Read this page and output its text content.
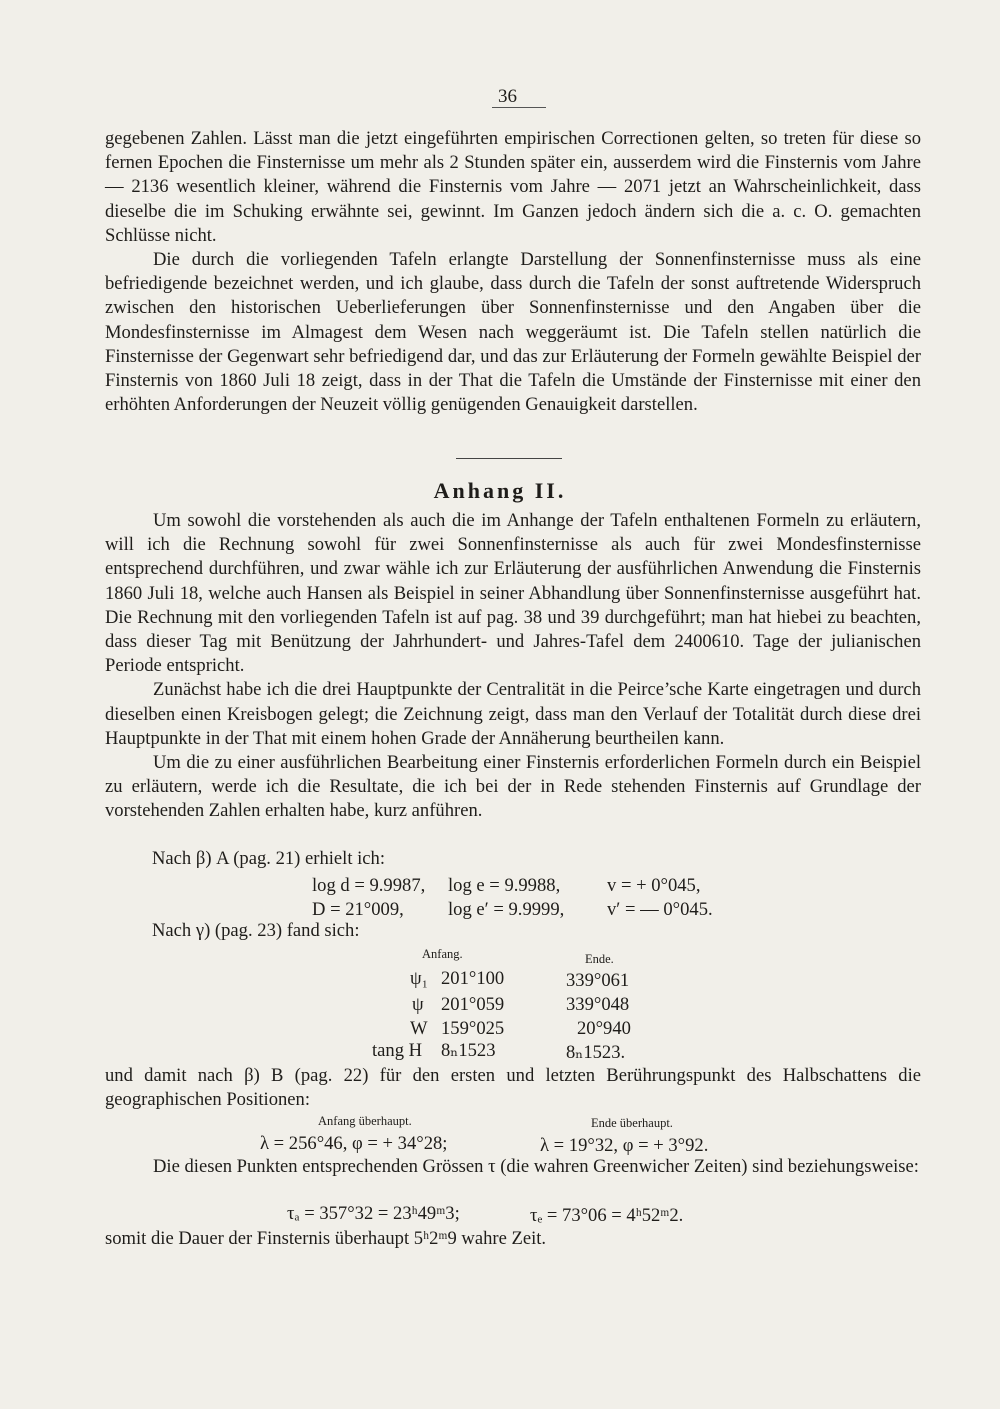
36

gegebenen Zahlen. Lässt man die jetzt eingeführten empirischen Correctionen gelten, so treten für diese so fernen Epochen die Finsternisse um mehr als 2 Stunden später ein, ausserdem wird die Finsternis vom Jahre — 2136 wesentlich kleiner, während die Finsternis vom Jahre — 2071 jetzt an Wahrscheinlichkeit, dass dieselbe die im Schuking erwähnte sei, gewinnt. Im Ganzen jedoch ändern sich die a. c. O. gemachten Schlüsse nicht.

Die durch die vorliegenden Tafeln erlangte Darstellung der Sonnenfinsternisse muss als eine befriedigende bezeichnet werden, und ich glaube, dass durch die Tafeln der sonst auftretende Widerspruch zwischen den historischen Ueberlieferungen über Sonnenfinsternisse und den Angaben über die Mondesfinsternisse im Almagest dem Wesen nach weggeräumt ist. Die Tafeln stellen natürlich die Finsternisse der Gegenwart sehr befriedigend dar, und das zur Erläuterung der Formeln gewählte Beispiel der Finsternis von 1860 Juli 18 zeigt, dass in der That die Tafeln die Umstände der Finsternisse mit einer den erhöhten Anforderungen der Neuzeit völlig genügenden Genauigkeit darstellen.

Anhang II.

Um sowohl die vorstehenden als auch die im Anhange der Tafeln enthaltenen Formeln zu erläutern, will ich die Rechnung sowohl für zwei Sonnenfinsternisse als auch für zwei Mondesfinsternisse entsprechend durchführen, und zwar wähle ich zur Erläuterung der ausführlichen Anwendung die Finsternis 1860 Juli 18, welche auch Hansen als Beispiel in seiner Abhandlung über Sonnenfinsternisse ausgeführt hat. Die Rechnung mit den vorliegenden Tafeln ist auf pag. 38 und 39 durchgeführt; man hat hiebei zu beachten, dass dieser Tag mit Benützung der Jahrhundert- und Jahres-Tafel dem 2400610. Tage der julianischen Periode entspricht.

Zunächst habe ich die drei Hauptpunkte der Centralität in die Peirce’sche Karte eingetragen und durch dieselben einen Kreisbogen gelegt; die Zeichnung zeigt, dass man den Verlauf der Totalität durch diese drei Hauptpunkte in der That mit einem hohen Grade der Annäherung beurtheilen kann.

Um die zu einer ausführlichen Bearbeitung einer Finsternis erforderlichen Formeln durch ein Beispiel zu erläutern, werde ich die Resultate, die ich bei der in Rede stehenden Finsternis auf Grundlage der vorstehenden Zahlen erhalten habe, kurz anführen.

Nach β) A (pag. 21) erhielt ich:
log d = 9.9987, log e = 9.9988,	v = + 0°045,
D = 21°009, log e′ = 9.9999, v′ = — 0°045.
Nach γ) (pag. 23) fand sich:
Anfang.	Ende.
ψ₁ 201°100	339°061
ψ 201°059	339°048
W 159°025	20°940
tang H 8ₙ1523	8ₙ1523.
und damit nach β) B (pag. 22) für den ersten und letzten Berührungspunkt des Halbschattens die geographischen Positionen:
Anfang überhaupt.	Ende überhaupt.
λ = 256°46, φ = + 34°28;	λ = 19°32, φ = + 3°92.

Die diesen Punkten entsprechenden Grössen τ (die wahren Greenwicher Zeiten) sind beziehungsweise:

τₐ = 357°32 = 23ʰ49ᵐ3;	τₑ = 73°06 = 4ʰ52ᵐ2.
somit die Dauer der Finsternis überhaupt 5ʰ2ᵐ9 wahre Zeit.
